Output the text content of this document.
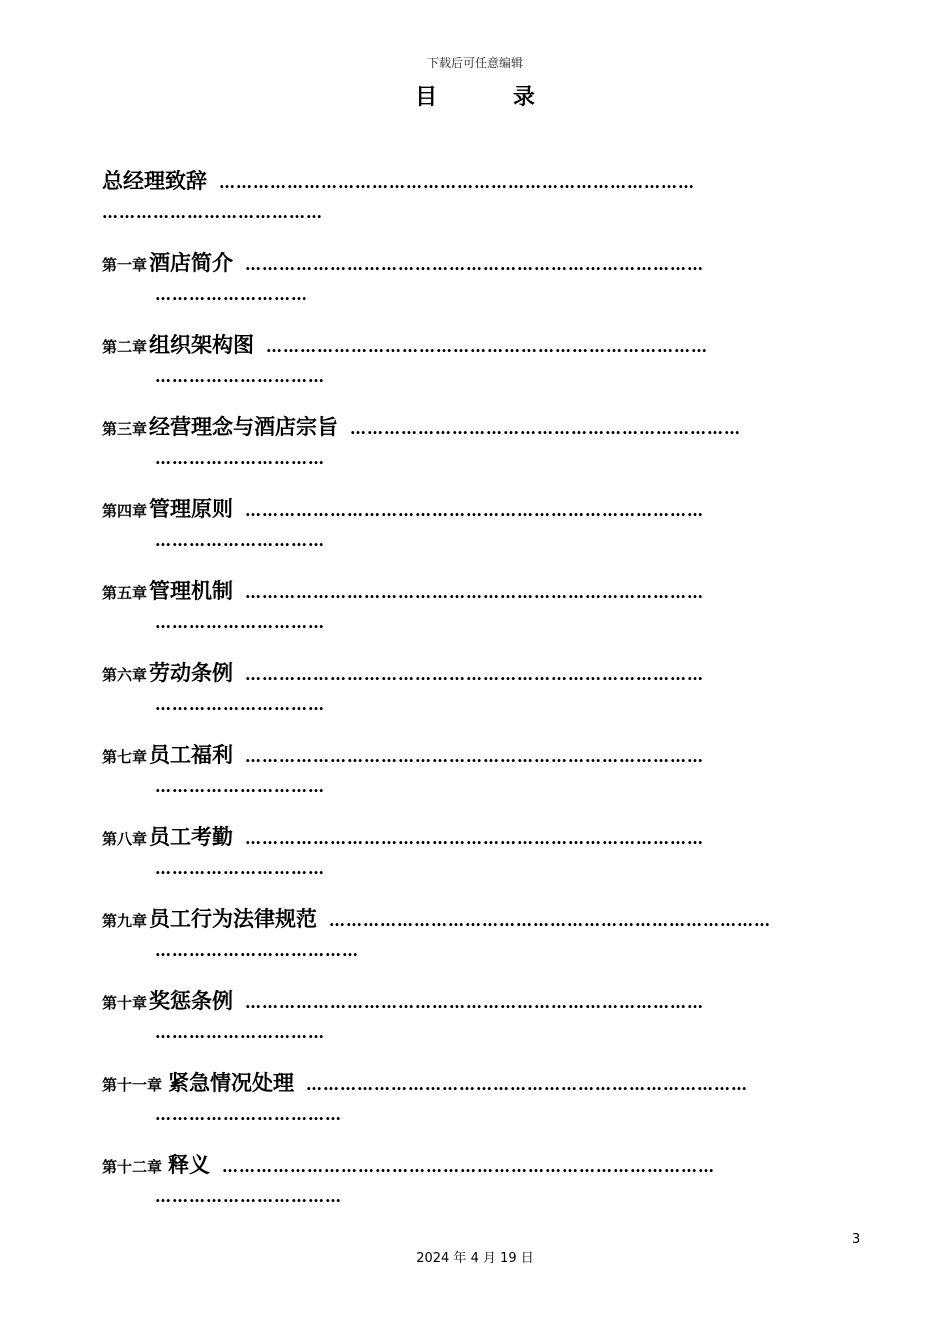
下载后可任意编辑
目 录
总经理致辞 …………………………………………………………………………
…………………………………
第一章 酒店简介 ………………………………………………………………………
………………………
第二章 组织架构图 ……………………………………………………………………
…………………………
第三章 经营理念与酒店宗旨 ……………………………………………………………
…………………………
第四章 管理原则 ………………………………………………………………………
…………………………
第五章 管理机制 ………………………………………………………………………
…………………………
第六章 劳动条例 ………………………………………………………………………
…………………………
第七章 员工福利 ………………………………………………………………………
…………………………
第八章 员工考勤 ………………………………………………………………………
…………………………
第九章 员工行为法律规范 ……………………………………………………………………
………………………………
第十章 奖惩条例 ………………………………………………………………………
…………………………
第十一章 紧急情况处理 ……………………………………………………………………
……………………………
第十二章 释义 ……………………………………………………………………………
……………………………
3
2024 年 4 月 19 日
